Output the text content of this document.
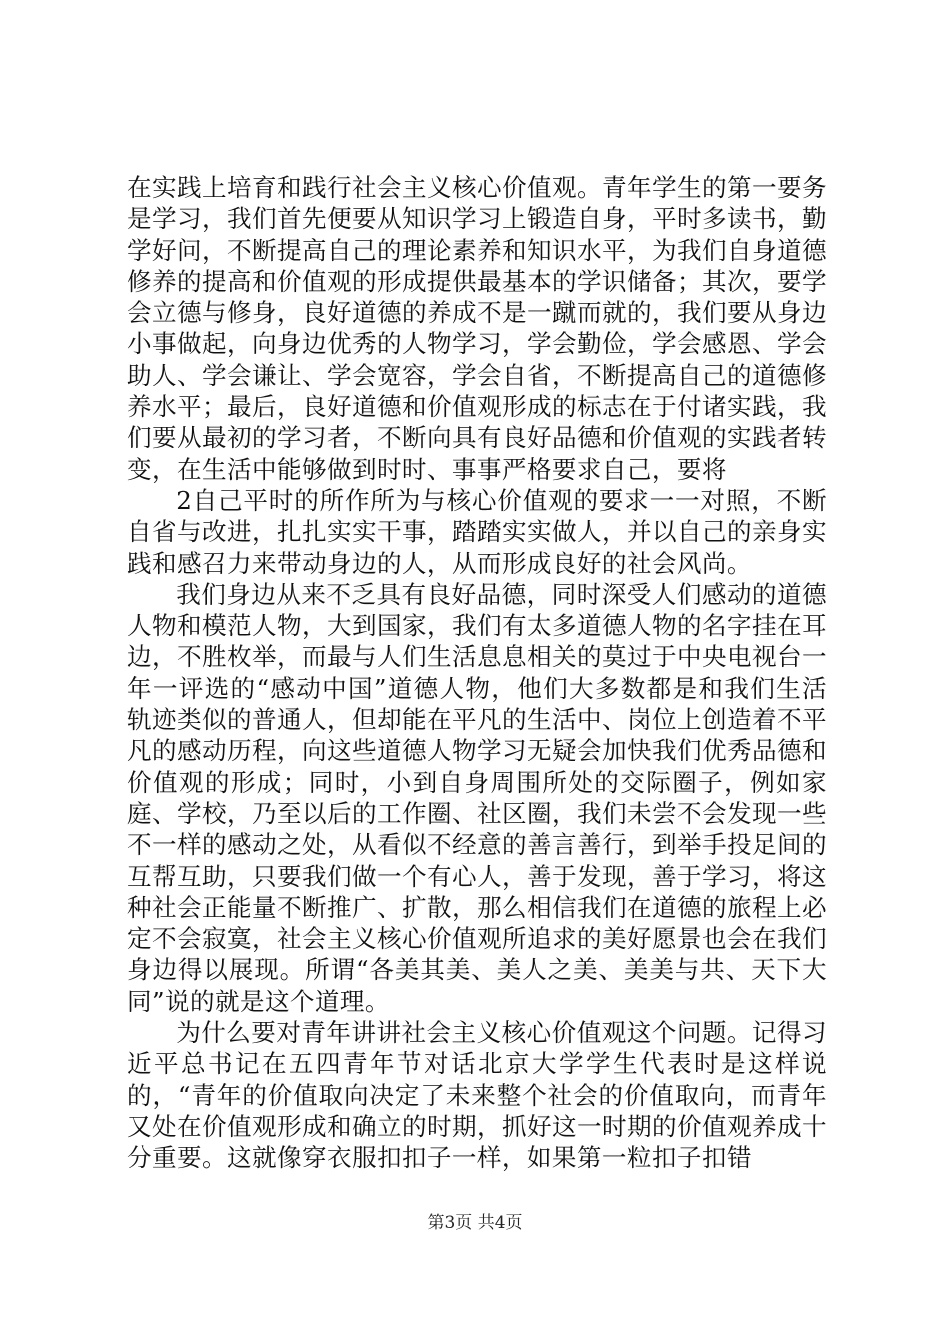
在实践上培育和践行社会主义核心价值观。青年学生的第一要务是学习，我们首先便要从知识学习上锻造自身，平时多读书，勤学好问，不断提高自己的理论素养和知识水平，为我们自身道德修养的提高和价值观的形成提供最基本的学识储备；其次，要学会立德与修身，良好道德的养成不是一蹴而就的，我们要从身边小事做起，向身边优秀的人物学习，学会勤俭，学会感恩、学会助人、学会谦让、学会宽容，学会自省，不断提高自己的道德修养水平；最后，良好道德和价值观形成的标志在于付诸实践，我们要从最初的学习者，不断向具有良好品德和价值观的实践者转变，在生活中能够做到时时、事事严格要求自己，要将

2自己平时的所作所为与核心价值观的要求一一对照，不断自省与改进，扎扎实实干事，踏踏实实做人，并以自己的亲身实践和感召力来带动身边的人，从而形成良好的社会风尚。

我们身边从来不乏具有良好品德，同时深受人们感动的道德人物和模范人物，大到国家，我们有太多道德人物的名字挂在耳边，不胜枚举，而最与人们生活息息相关的莫过于中央电视台一年一评选的“感动中国”道德人物，他们大多数都是和我们生活轨迹类似的普通人，但却能在平凡的生活中、岗位上创造着不平凡的感动历程，向这些道德人物学习无疑会加快我们优秀品德和价值观的形成；同时，小到自身周围所处的交际圈子，例如家庭、学校，乃至以后的工作圈、社区圈，我们未尝不会发现一些不一样的感动之处，从看似不经意的善言善行，到举手投足间的互帮互助，只要我们做一个有心人，善于发现，善于学习，将这种社会正能量不断推广、扩散，那么相信我们在道德的旅程上必定不会寂寞，社会主义核心价值观所追求的美好愿景也会在我们身边得以展现。所谓“各美其美、美人之美、美美与共、天下大同”说的就是这个道理。

为什么要对青年讲讲社会主义核心价值观这个问题。记得习近平总书记在五四青年节对话北京大学学生代表时是这样说的，“青年的价值取向决定了未来整个社会的价值取向，而青年又处在价值观形成和确立的时期，抓好这一时期的价值观养成十分重要。这就像穿衣服扣扣子一样，如果第一粒扣子扣错

第3页 共4页
